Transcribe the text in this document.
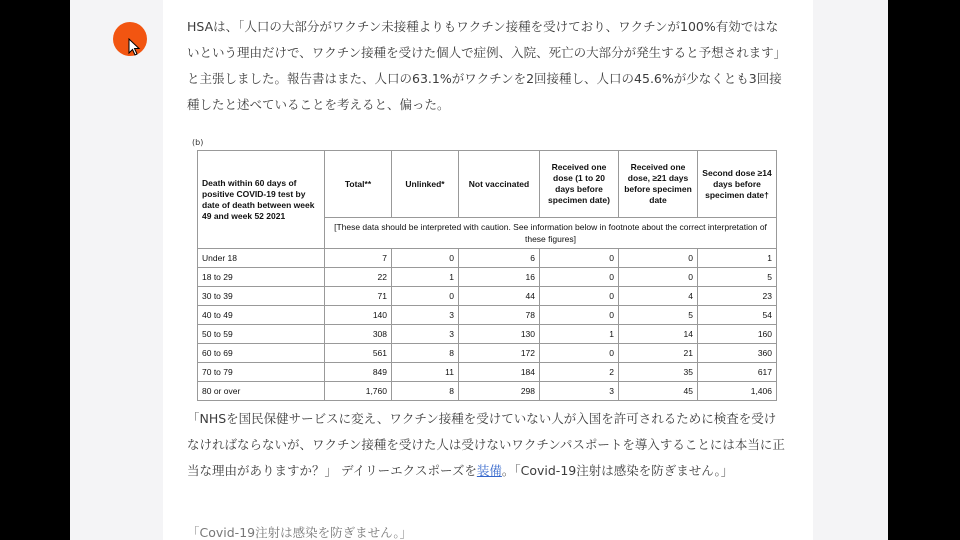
HSAは、「人口の大部分がワクチン未接種よりもワクチン接種を受けており、ワクチンが100%有効ではないという理由だけで、ワクチン接種を受けた個人で症例、入院、死亡の大部分が発生すると予想されます」と主張しました。報告書はまた、人口の63.1%がワクチンを2回接種し、人口の45.6%が少なくとも3回接種したと述べていることを考えると、偏った。

「NHSを国民保健サービスに変え、ワクチン接種を受けていない人が入国を許可されるために検査を受けなければならないが、ワクチン接種を受けた人は受けないワクチンパスポートを導入することには本当に正当な理由がありますか？」 デイリーエクスポーズを装備。「Covid-19注射は感染を防ぎません。」

「Covid-19注射は感染を防ぎません。」

(b)
Death within 60 days of positive COVID-19 test by date of death between week 49 and week 52 2021	Total**	Unlinked*	Not vaccinated	Received one dose (1 to 20 days before specimen date)	Received one dose, ≥21 days before specimen date	Second dose ≥14 days before specimen date†
	[These data should be interpreted with caution. See information below in footnote about the correct interpretation of these figures]					
Under 18	7	0	6	0	0	1
18 to 29	22	1	16	0	0	5
30 to 39	71	0	44	0	4	23
40 to 49	140	3	78	0	5	54
50 to 59	308	3	130	1	14	160
60 to 69	561	8	172	0	21	360
70 to 79	849	11	184	2	35	617
80 or over	1,760	8	298	3	45	1,406
